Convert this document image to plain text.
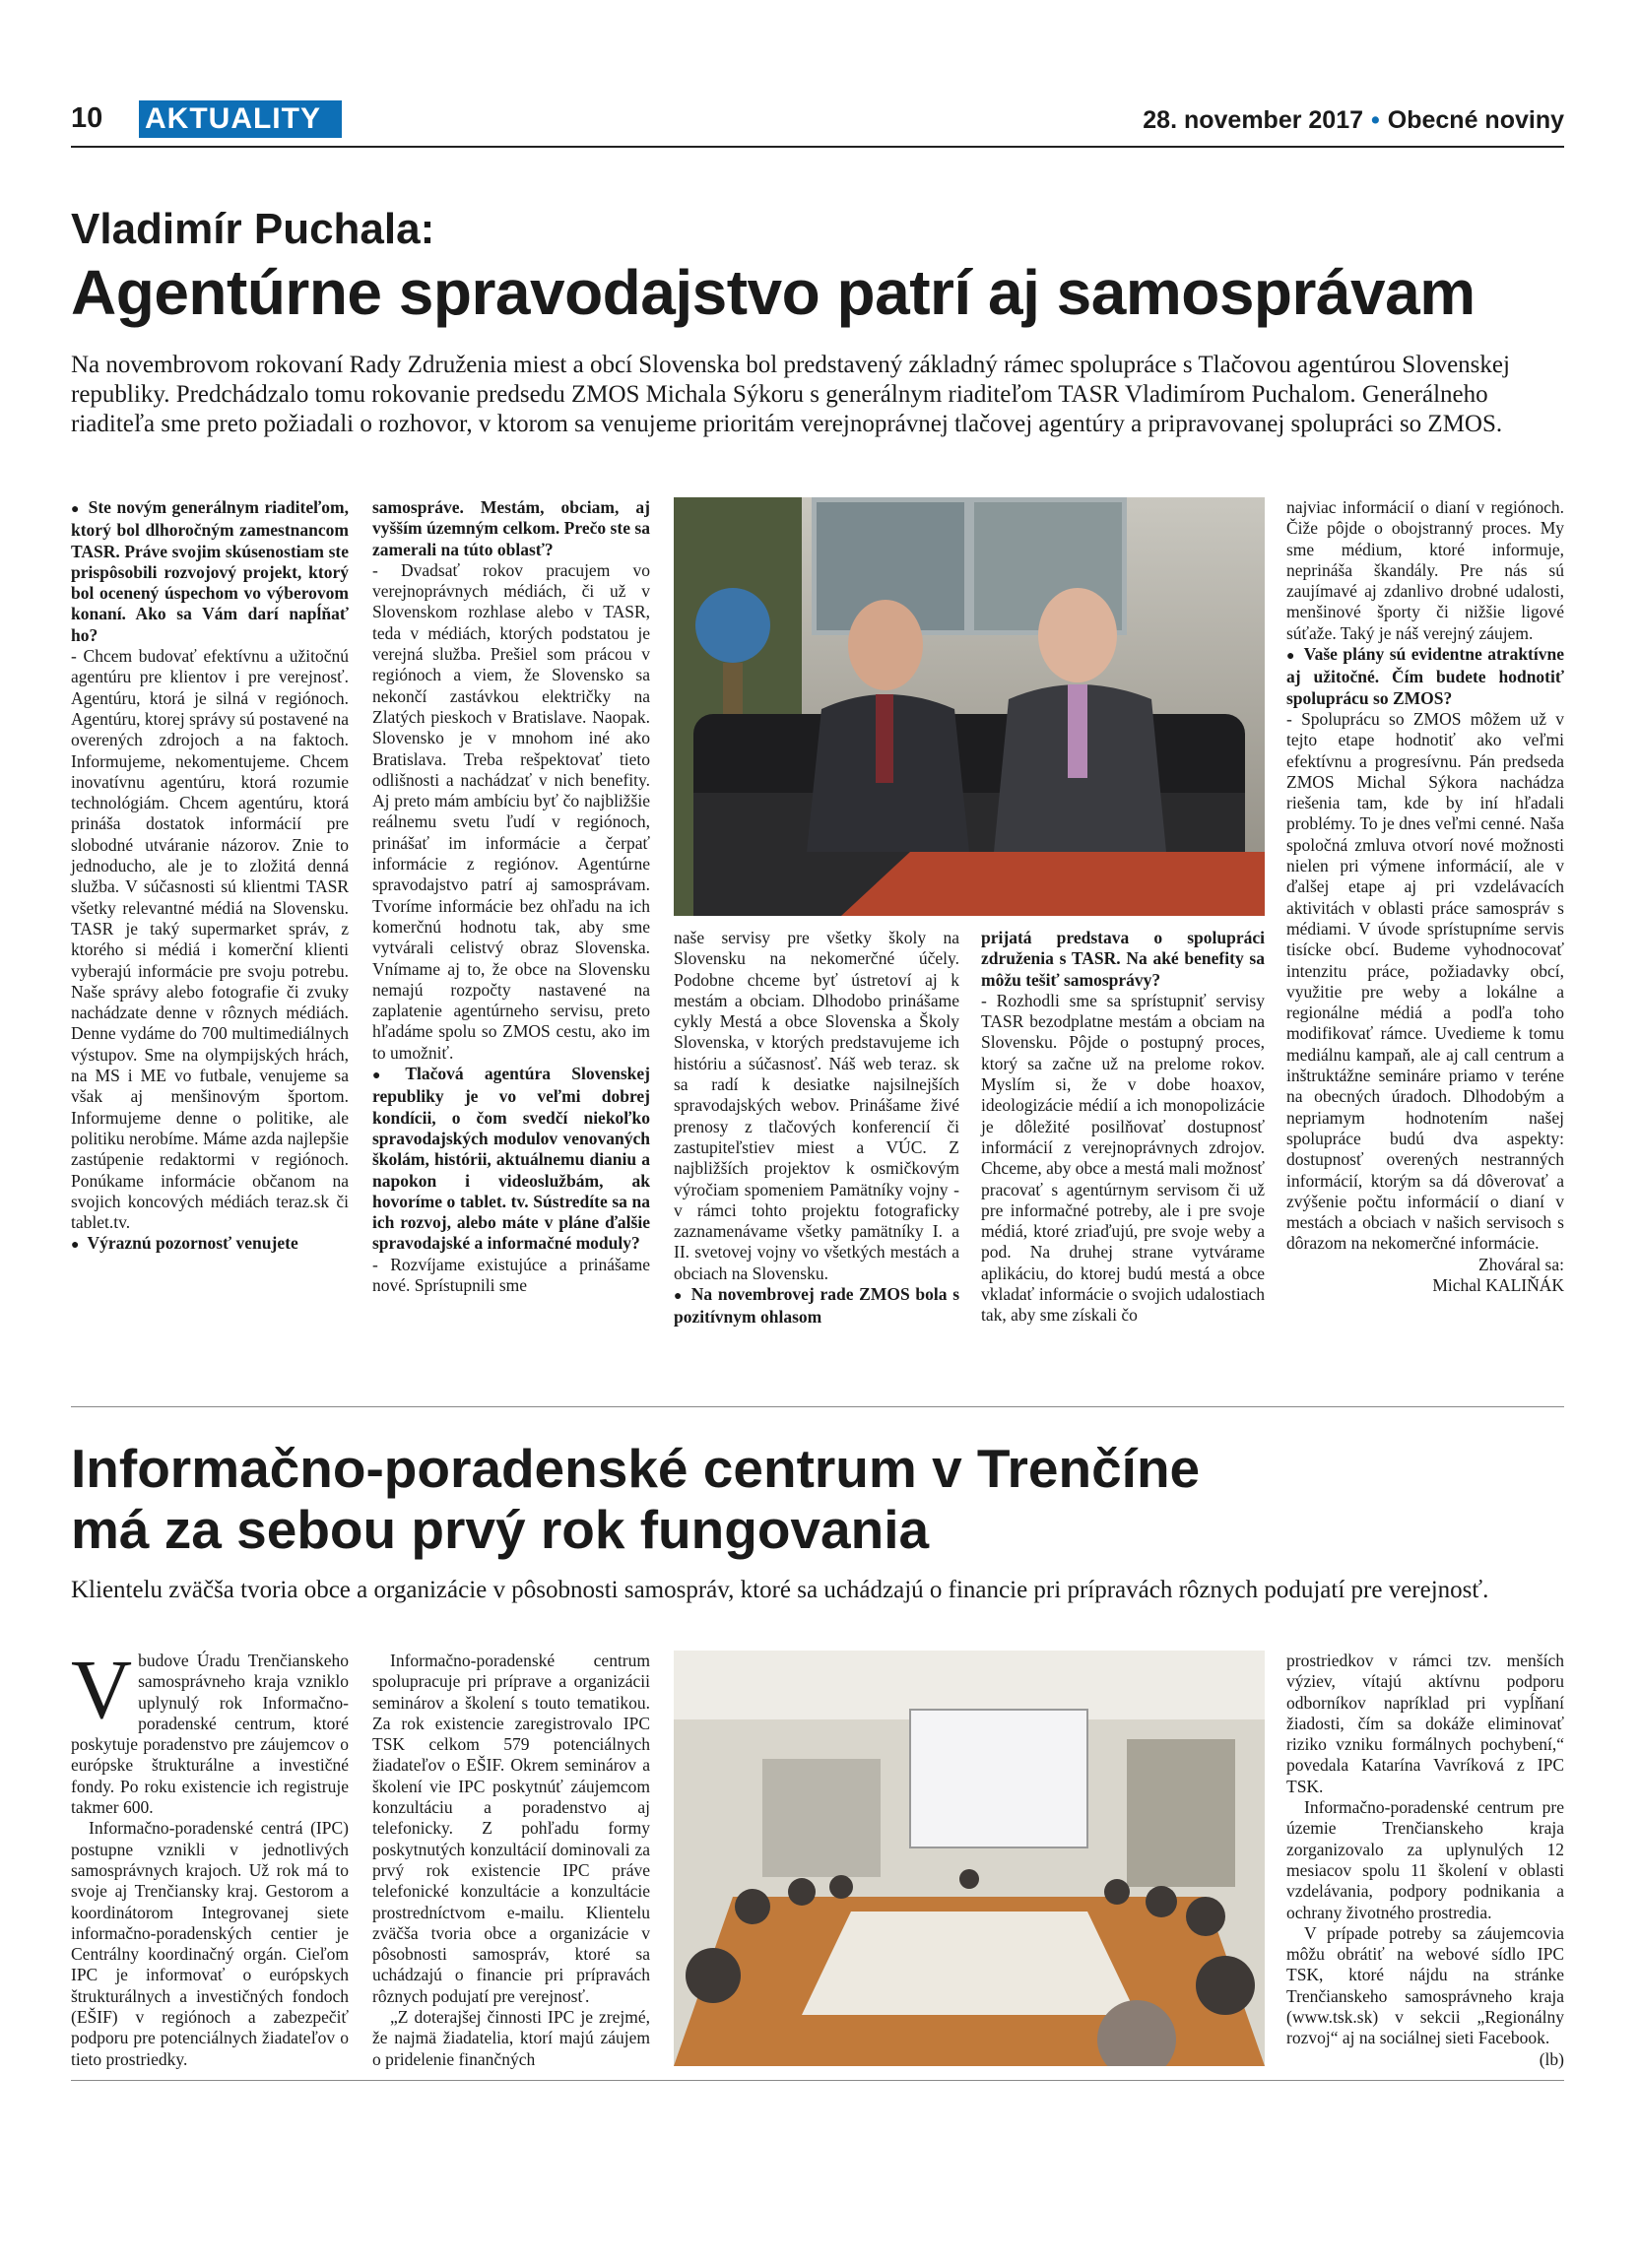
10 AKTUALITY	28. november 2017 • Obecné noviny
Vladimír Puchala:
Agentúrne spravodajstvo patrí aj samosprávam
Na novembrovom rokovaní Rady Združenia miest a obcí Slovenska bol predstavený základný rámec spolupráce s Tlačovou agentúrou Slovenskej republiky. Predchádzalo tomu rokovanie predsedu ZMOS Michala Sýkoru s generálnym riaditeľom TASR Vladimírom Puchalom. Generálneho riaditeľa sme preto požiadali o rozhovor, v ktorom sa venujeme prioritám verejnoprávnej tlačovej agentúry a pripravovanej spolupráci so ZMOS.

● Ste novým generálnym riaditeľom, ktorý bol dlhoročným zamestnancom TASR. Práve svojim skúsenostiam ste prispôsobili rozvojový projekt, ktorý bol ocenený úspechom vo výberovom konaní. Ako sa Vám darí napĺňať ho?

- Chcem budovať efektívnu a užitočnú agentúru pre klientov i pre verejnosť. Agentúru, ktorá je silná v regiónoch. Agentúru, ktorej správy sú postavené na overených zdrojoch a na faktoch. Informujeme, nekomentujeme. Chcem inovatívnu agentúru, ktorá rozumie technológiám. Chcem agentúru, ktorá prináša dostatok informácií pre slobodné utváranie názorov. Znie to jednoducho, ale je to zložitá denná služba. V súčasnosti sú klientmi TASR všetky relevantné médiá na Slovensku. TASR je taký supermarket správ, z ktorého si médiá i komerční klienti vyberajú informácie pre svoju potrebu. Naše správy alebo fotografie či zvuky nachádzate denne v rôznych médiách. Denne vydáme do 700 multimediálnych výstupov. Sme na olympijských hrách, na MS i ME vo futbale, venujeme sa však aj menšinovým športom. Informujeme denne o politike, ale politiku nerobíme. Máme azda najlepšie zastúpenie redaktormi v regiónoch. Ponúkame informácie občanom na svojich koncových médiách teraz.sk či tablet.tv.

● Výraznú pozornosť venujete

samospráve. Mestám, obciam, aj vyšším územným celkom. Prečo ste sa zamerali na túto oblasť?

- Dvadsať rokov pracujem vo verejnoprávnych médiách, či už v Slovenskom rozhlase alebo v TASR, teda v médiách, ktorých podstatou je verejná služba. Prešiel som prácou v regiónoch a viem, že Slovensko sa nekončí zastávkou električky na Zlatých pieskoch v Bratislave. Naopak. Slovensko je v mnohom iné ako Bratislava. Treba rešpektovať tieto odlišnosti a nachádzať v nich benefity. Aj preto mám ambíciu byť čo najbližšie reálnemu svetu ľudí v regiónoch, prinášať im informácie a čerpať informácie z regiónov. Agentúrne spravodajstvo patrí aj samosprávam. Tvoríme informácie bez ohľadu na ich komerčnú hodnotu tak, aby sme vytvárali celistvý obraz Slovenska. Vnímame aj to, že obce na Slovensku nemajú rozpočty nastavené na zaplatenie agentúrneho servisu, preto hľadáme spolu so ZMOS cestu, ako im to umožniť.

● Tlačová agentúra Slovenskej republiky je vo veľmi dobrej kondícii, o čom svedčí niekoľko spravodajských modulov venovaných školám, histórii, aktuálnemu dianiu a napokon i videoslužbám, ak hovoríme o tablet. tv. Sústredíte sa na ich rozvoj, alebo máte v pláne ďalšie spravodajské a informačné moduly?

- Rozvíjame existujúce a prinášame nové. Sprístupnili sme

naše servisy pre všetky školy na Slovensku na nekomerčné účely. Podobne chceme byť ústretoví aj k mestám a obciam. Dlhodobo prinášame cykly Mestá a obce Slovenska a Školy Slovenska, v ktorých predstavujeme ich históriu a súčasnosť. Náš web teraz. sk sa radí k desiatke najsilnejších spravodajských webov. Prinášame živé prenosy z tlačových konferencií či zastupiteľstiev miest a VÚC. Z najbližších projektov k osmičkovým výročiam spomeniem Pamätníky vojny - v rámci tohto projektu fotograficky zaznamenávame všetky pamätníky I. a II. svetovej vojny vo všetkých mestách a obciach na Slovensku.

● Na novembrovej rade ZMOS bola s pozitívnym ohlasom

prijatá predstava o spolupráci združenia s TASR. Na aké benefity sa môžu tešiť samosprávy?

- Rozhodli sme sa sprístupniť servisy TASR bezodplatne mestám a obciam na Slovensku. Pôjde o postupný proces, ktorý sa začne už na prelome rokov. Myslím si, že v dobe hoaxov, ideologizácie médií a ich monopolizácie je dôležité posilňovať dostupnosť informácií z verejnoprávnych zdrojov. Chceme, aby obce a mestá mali možnosť pracovať s agentúrnym servisom či už pre informačné potreby, ale i pre svoje médiá, ktoré zriaďujú, pre svoje weby a pod. Na druhej strane vytvárame aplikáciu, do ktorej budú mestá a obce vkladať informácie o svojich udalostiach tak, aby sme získali čo

najviac informácií o dianí v regiónoch. Čiže pôjde o obojstranný proces. My sme médium, ktoré informuje, neprináša škandály. Pre nás sú zaujímavé aj zdanlivo drobné udalosti, menšinové športy či nižšie ligové súťaže. Taký je náš verejný záujem.

● Vaše plány sú evidentne atraktívne aj užitočné. Čím budete hodnotiť spoluprácu so ZMOS?

- Spoluprácu so ZMOS môžem už v tejto etape hodnotiť ako veľmi efektívnu a progresívnu. Pán predseda ZMOS Michal Sýkora nachádza riešenia tam, kde by iní hľadali problémy. To je dnes veľmi cenné. Naša spoločná zmluva otvorí nové možnosti nielen pri výmene informácií, ale v ďalšej etape aj pri vzdelávacích aktivitách v oblasti práce samospráv s médiami. V úvode sprístupníme servis tisícke obcí. Budeme vyhodnocovať intenzitu práce, požiadavky obcí, využitie pre weby a lokálne a regionálne médiá a podľa toho modifikovať rámce. Uvedieme k tomu mediálnu kampaň, ale aj call centrum a inštruktážne semináre priamo v teréne na obecných úradoch. Dlhodobým a nepriamym hodnotením našej spolupráce budú dva aspekty: dostupnosť overených nestranných informácií, ktorým sa dá dôverovať a zvýšenie počtu informácií o dianí v mestách a obciach v našich servisoch s dôrazom na nekomerčné informácie.

Zhováral sa:

Michal KALIŇÁK

Informačno-poradenské centrum v Trenčíne
má za sebou prvý rok fungovania
Klientelu zväčša tvoria obce a organizácie v pôsobnosti samospráv, ktoré sa uchádzajú o financie pri prípravách rôznych podujatí pre verejnosť.

Vbudove Úradu Trenčianskeho samosprávneho kraja vzniklo uplynulý rok Informačno-poradenské centrum, ktoré poskytuje poradenstvo pre záujemcov o európske štrukturálne a investičné fondy. Po roku existencie ich registruje takmer 600.

Informačno-poradenské centrá (IPC) postupne vznikli v jednotlivých samosprávnych krajoch. Už rok má to svoje aj Trenčiansky kraj. Gestorom a koordinátorom Integrovanej siete informačno-poradenských centier je Centrálny koordinačný orgán. Cieľom IPC je informovať o európskych štrukturálnych a investičných fondoch (EŠIF) v regiónoch a zabezpečiť podporu pre potenciálnych žiadateľov o tieto prostriedky.

Informačno-poradenské centrum spolupracuje pri príprave a organizácii seminárov a školení s touto tematikou. Za rok existencie zaregistrovalo IPC TSK celkom 579 potenciálnych žiadateľov o EŠIF. Okrem seminárov a školení vie IPC poskytnúť záujemcom konzultáciu a poradenstvo aj telefonicky. Z pohľadu formy poskytnutých konzultácií dominovali za prvý rok existencie IPC práve telefonické konzultácie a konzultácie prostredníctvom e-mailu. Klientelu zväčša tvoria obce a organizácie v pôsobnosti samospráv, ktoré sa uchádzajú o financie pri prípravách rôznych podujatí pre verejnosť.

„Z doterajšej činnosti IPC je zrejmé, že najmä žiadatelia, ktorí majú záujem o pridelenie finančných

prostriedkov v rámci tzv. menších výziev, vítajú aktívnu podporu odborníkov napríklad pri vypĺňaní žiadosti, čím sa dokáže eliminovať riziko vzniku formálnych pochybení,“ povedala Katarína Vavríková z IPC TSK.

Informačno-poradenské centrum pre územie Trenčianskeho kraja zorganizovalo za uplynulých 12 mesiacov spolu 11 školení v oblasti vzdelávania, podpory podnikania a ochrany životného prostredia.

V prípade potreby sa záujemcovia môžu obrátiť na webové sídlo IPC TSK, ktoré nájdu na stránke Trenčianskeho samosprávneho kraja (www.tsk.sk) v sekcii „Regionálny rozvoj“ aj na sociálnej sieti Facebook.

(lb)
